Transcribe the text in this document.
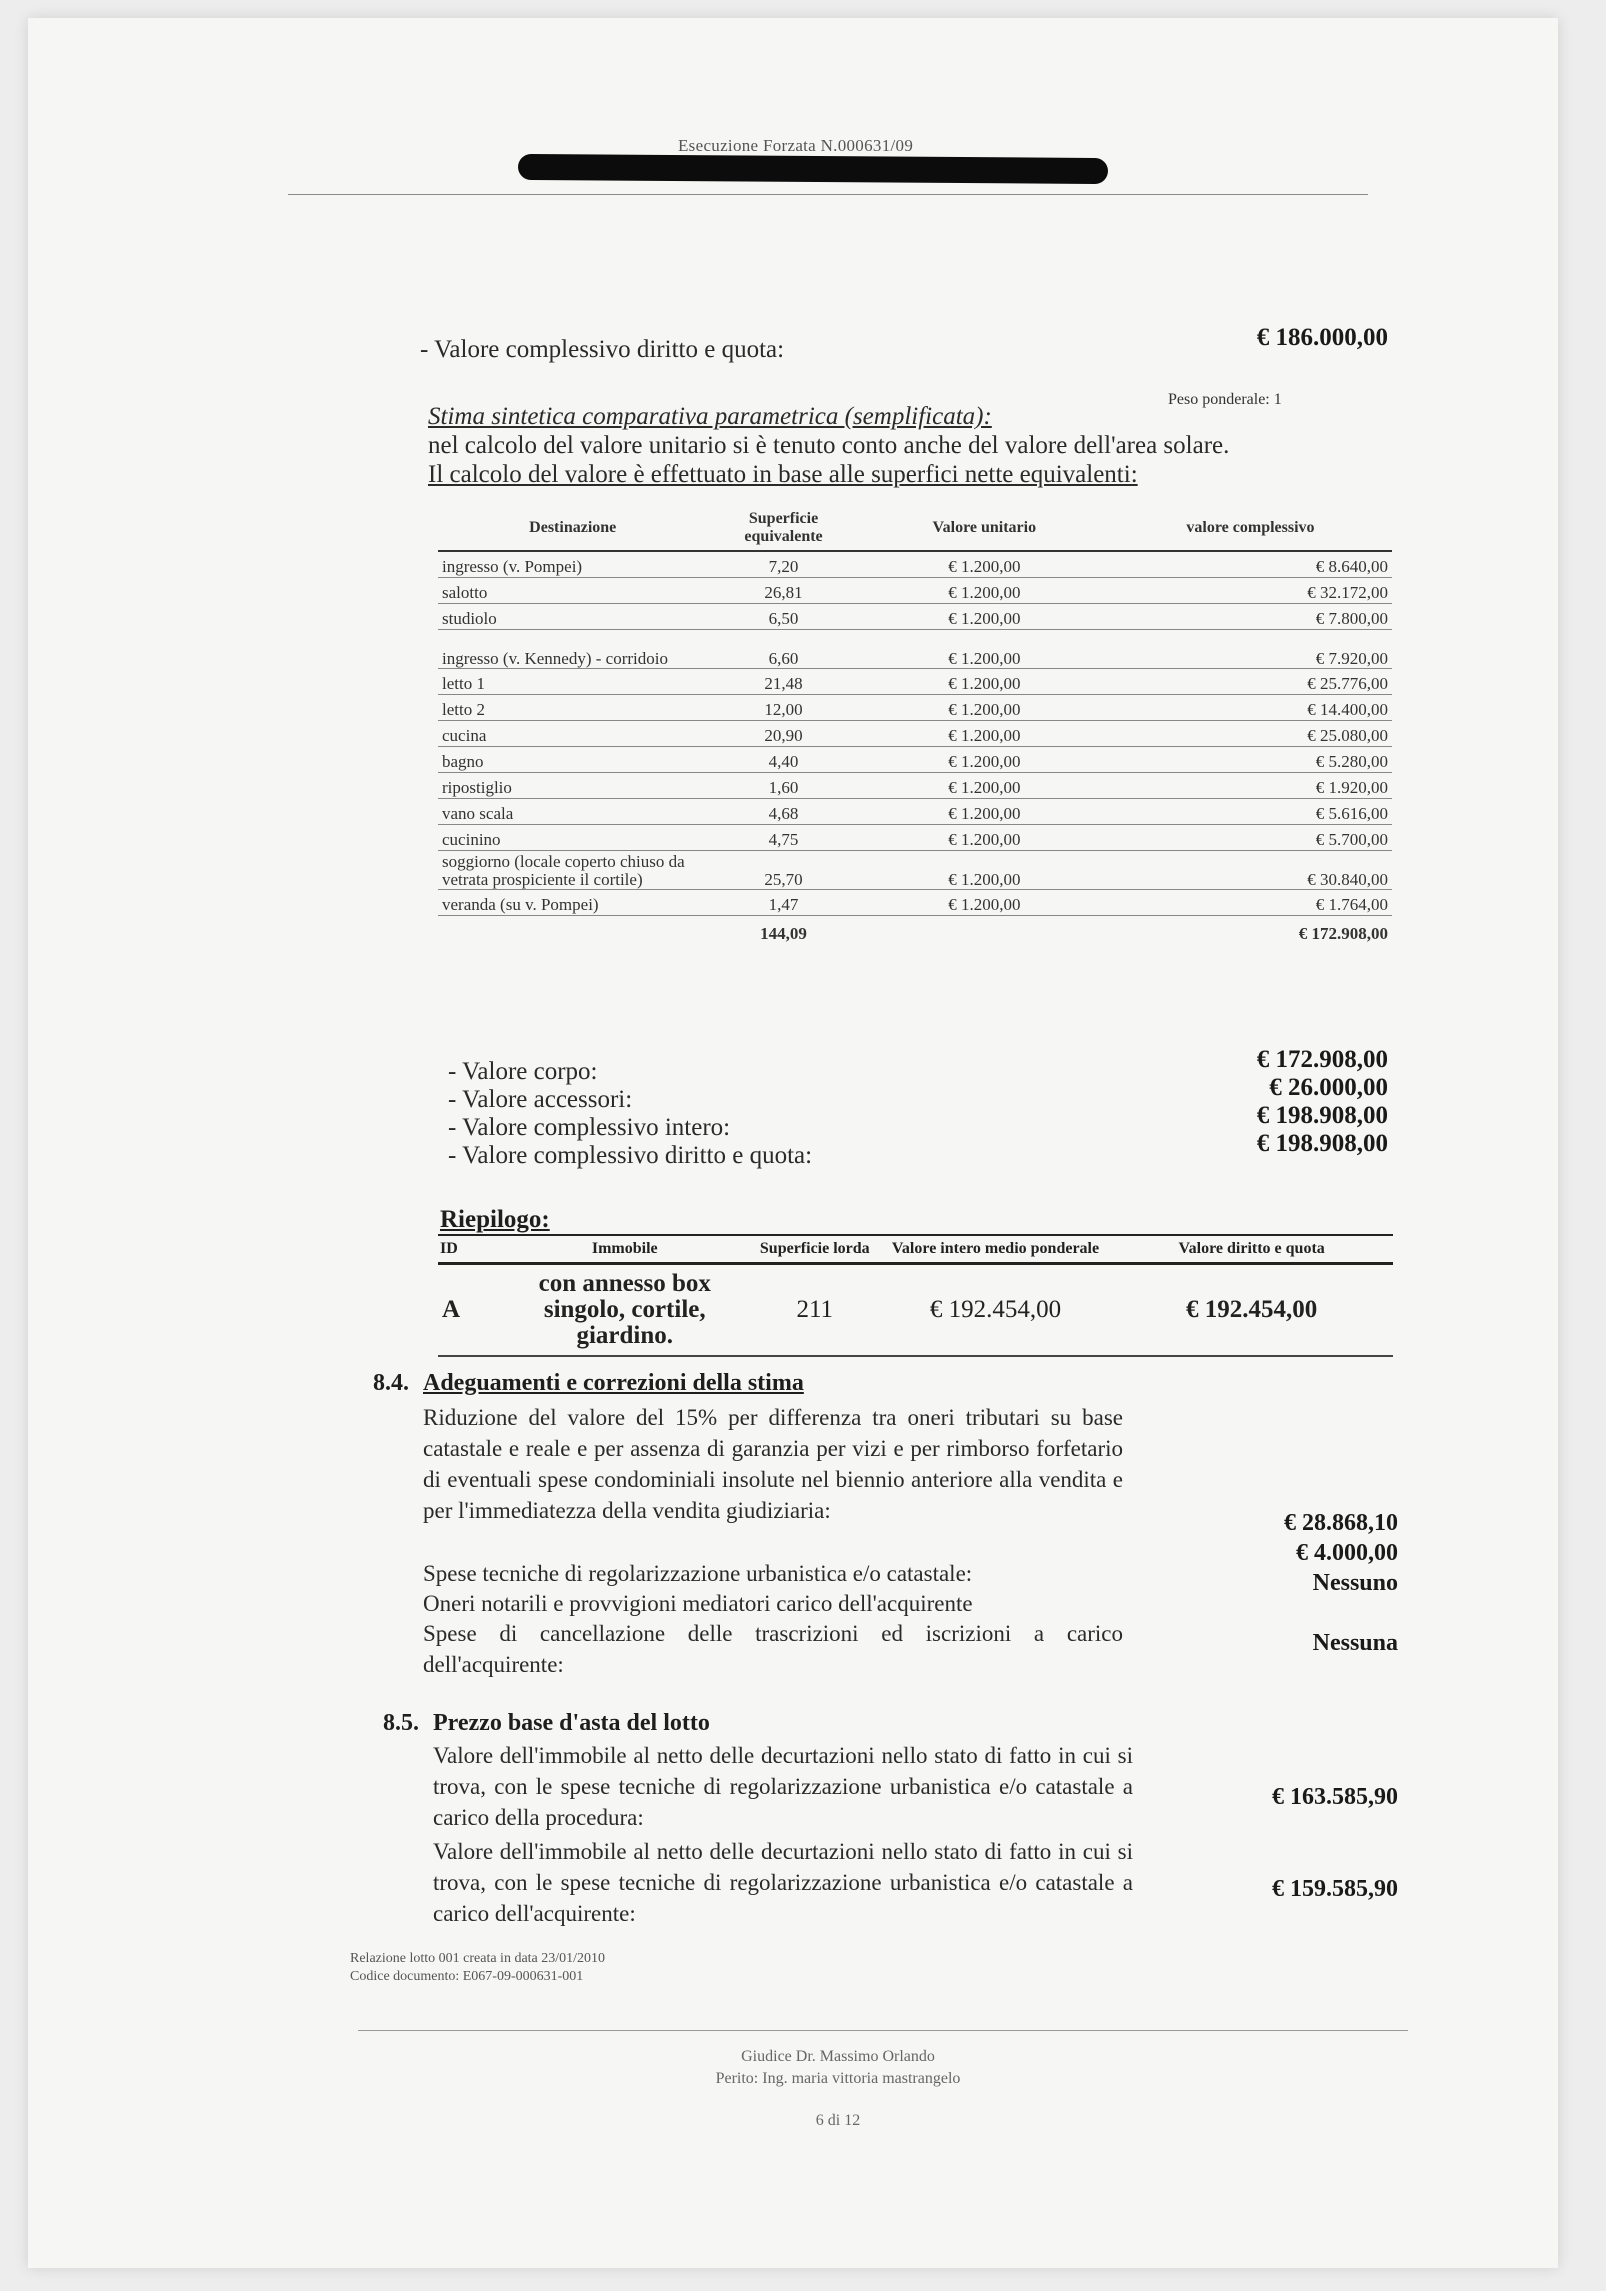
Esecuzione Forzata N.000631/09
- Valore complessivo diritto e quota:	€ 186.000,00
Stima sintetica comparativa parametrica (semplificata):
Peso ponderale: 1
nel calcolo del valore unitario si è tenuto conto anche del valore dell'area solare.
Il calcolo del valore è effettuato in base alle superfici nette equivalenti:
Destinazione	Superficie equivalente	Valore unitario	valore complessivo
ingresso (v. Pompei)	7,20	€ 1.200,00	€ 8.640,00
salotto	26,81	€ 1.200,00	€ 32.172,00
studiolo	6,50	€ 1.200,00	€ 7.800,00
ingresso (v. Kennedy) - corridoio	6,60	€ 1.200,00	€ 7.920,00
letto 1	21,48	€ 1.200,00	€ 25.776,00
letto 2	12,00	€ 1.200,00	€ 14.400,00
cucina	20,90	€ 1.200,00	€ 25.080,00
bagno	4,40	€ 1.200,00	€ 5.280,00
ripostiglio	1,60	€ 1.200,00	€ 1.920,00
vano scala	4,68	€ 1.200,00	€ 5.616,00
cucinino	4,75	€ 1.200,00	€ 5.700,00
soggiorno (locale coperto chiuso da vetrata prospiciente il cortile)	25,70	€ 1.200,00	€ 30.840,00
veranda (su v. Pompei)	1,47	€ 1.200,00	€ 1.764,00
	144,09		€ 172.908,00
- Valore corpo:	€ 172.908,00
- Valore accessori:	€ 26.000,00
- Valore complessivo intero:	€ 198.908,00
- Valore complessivo diritto e quota:	€ 198.908,00
Riepilogo:
ID	Immobile	Superficie lorda	Valore intero medio ponderale	Valore diritto e quota
A	con annesso box singolo, cortile, giardino.	211	€ 192.454,00	€ 192.454,00
8.4. Adeguamenti e correzioni della stima
Riduzione del valore del 15% per differenza tra oneri tributari su base catastale e reale e per assenza di garanzia per vizi e per rimborso forfetario di eventuali spese condominiali insolute nel biennio anteriore alla vendita e per l'immediatezza della vendita giudiziaria:	€ 28.868,10
Spese tecniche di regolarizzazione urbanistica e/o catastale:
€ 4.000,00
Oneri notarili e provvigioni mediatori carico dell'acquirente
Nessuno
Spese di cancellazione delle trascrizioni ed iscrizioni a carico dell'acquirente:
Nessuna
8.5. Prezzo base d'asta del lotto
Valore dell'immobile al netto delle decurtazioni nello stato di fatto in cui si trova, con le spese tecniche di regolarizzazione urbanistica e/o catastale a carico della procedura:
€ 163.585,90
Valore dell'immobile al netto delle decurtazioni nello stato di fatto in cui si trova, con le spese tecniche di regolarizzazione urbanistica e/o catastale a carico dell'acquirente:
€ 159.585,90
Relazione lotto 001 creata in data 23/01/2010
Codice documento: E067-09-000631-001
Giudice Dr. Massimo Orlando
Perito: Ing. maria vittoria mastrangelo
6 di 12
